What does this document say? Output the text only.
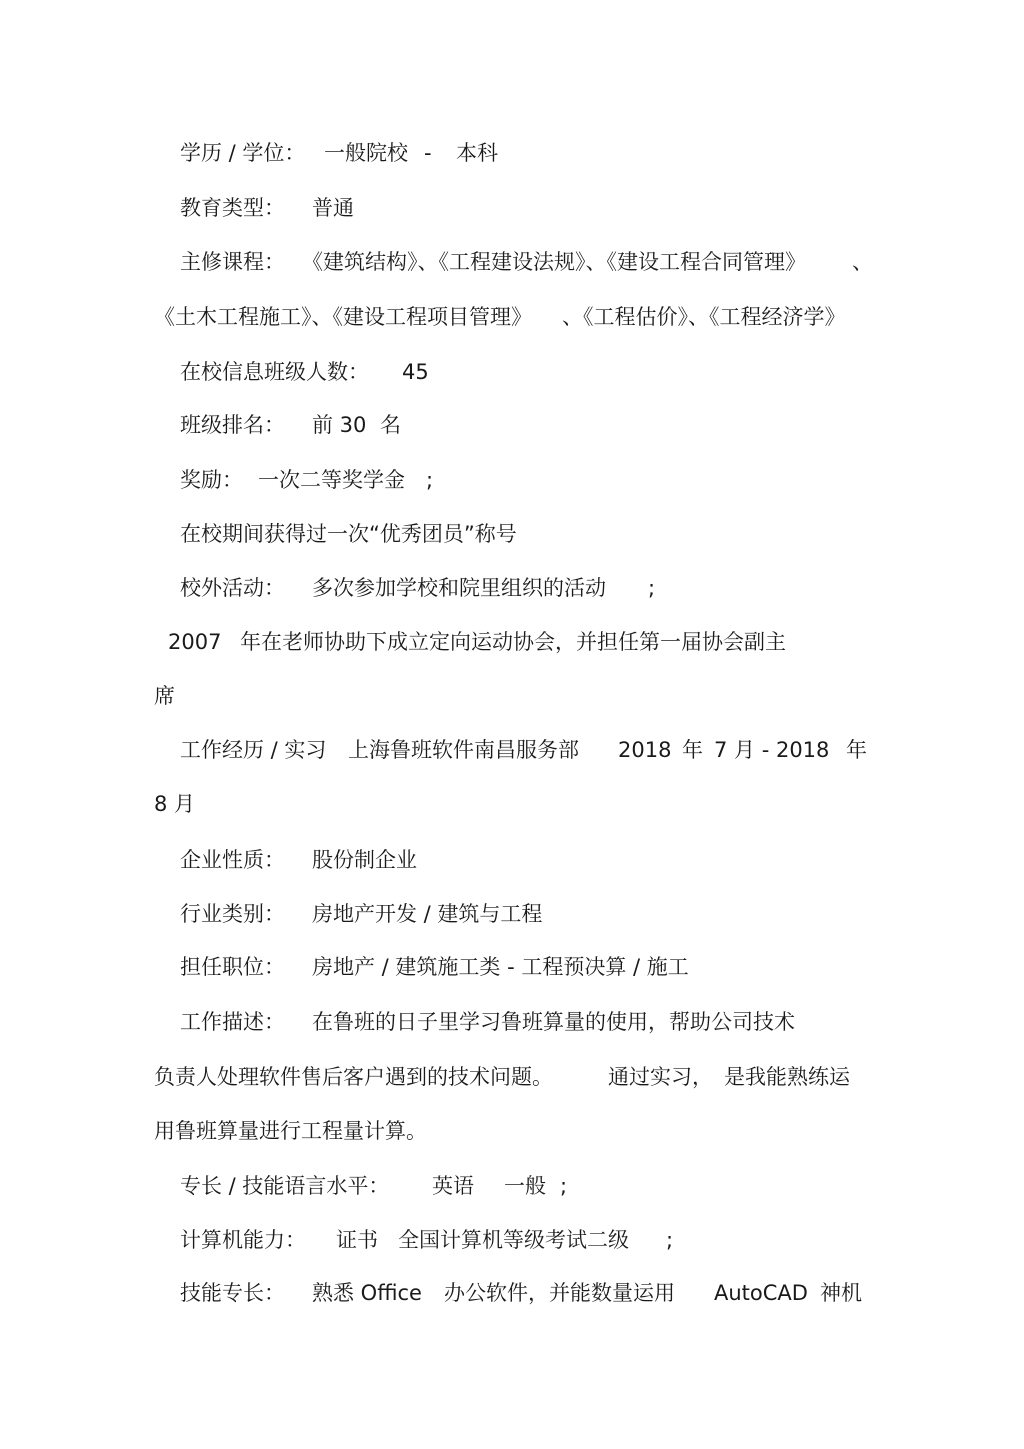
学历 / 学位： 一般院校 - 本科
教育类型： 普通
主修课程： 《建筑结构》、《工程建设法规》、《建设工程合同管理》 、
《土木工程施工》、《建设工程项目管理》 、《工程估价》、《工程经济学》
在校信息班级人数： 45
班级排名： 前 30 名
奖励： 一次二等奖学金 ;
在校期间获得过一次“优秀团员”称号
校外活动： 多次参加学校和院里组织的活动 ;
2007 年在老师协助下成立定向运动协会，并担任第一届协会副主
席
工作经历 / 实习 上海鲁班软件南昌服务部 2018 年 7 月 - 2018 年
8 月
企业性质： 股份制企业
行业类别： 房地产开发 / 建筑与工程
担任职位： 房地产 / 建筑施工类 - 工程预决算 / 施工
工作描述： 在鲁班的日子里学习鲁班算量的使用，帮助公司技术
负责人处理软件售后客户遇到的技术问题。	通过实习， 是我能熟练运
用鲁班算量进行工程量计算。
专长 / 技能语言水平： 英语 一般 ;
计算机能力： 证书 全国计算机等级考试二级 ;
技能专长： 熟悉 Office 办公软件，并能数量运用 AutoCAD 神机
